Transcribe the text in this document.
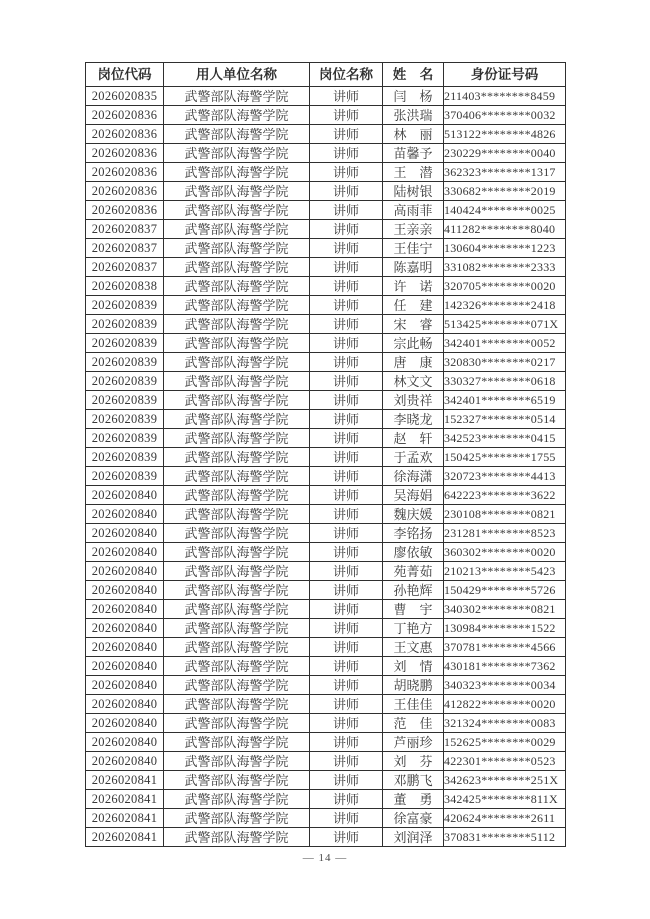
岗位代码	用人单位名称	岗位名称	姓　名	身份证号码
2026020835	武警部队海警学院	讲师	闫　杨	211403********8459
2026020836	武警部队海警学院	讲师	张洪瑞	370406********0032
2026020836	武警部队海警学院	讲师	林　丽	513122********4826
2026020836	武警部队海警学院	讲师	苗馨予	230229********0040
2026020836	武警部队海警学院	讲师	王　潜	362323********1317
2026020836	武警部队海警学院	讲师	陆树银	330682********2019
2026020836	武警部队海警学院	讲师	高雨菲	140424********0025
2026020837	武警部队海警学院	讲师	王亲亲	411282********8040
2026020837	武警部队海警学院	讲师	王佳宁	130604********1223
2026020837	武警部队海警学院	讲师	陈嘉明	331082********2333
2026020838	武警部队海警学院	讲师	许　诺	320705********0020
2026020839	武警部队海警学院	讲师	任　建	142326********2418
2026020839	武警部队海警学院	讲师	宋　睿	513425********071X
2026020839	武警部队海警学院	讲师	宗此畅	342401********0052
2026020839	武警部队海警学院	讲师	唐　康	320830********0217
2026020839	武警部队海警学院	讲师	林文文	330327********0618
2026020839	武警部队海警学院	讲师	刘贵祥	342401********6519
2026020839	武警部队海警学院	讲师	李晓龙	152327********0514
2026020839	武警部队海警学院	讲师	赵　轩	342523********0415
2026020839	武警部队海警学院	讲师	于孟欢	150425********1755
2026020839	武警部队海警学院	讲师	徐海潇	320723********4413
2026020840	武警部队海警学院	讲师	吴海娟	642223********3622
2026020840	武警部队海警学院	讲师	魏庆媛	230108********0821
2026020840	武警部队海警学院	讲师	李铭扬	231281********8523
2026020840	武警部队海警学院	讲师	廖依敏	360302********0020
2026020840	武警部队海警学院	讲师	苑菁茹	210213********5423
2026020840	武警部队海警学院	讲师	孙艳辉	150429********5726
2026020840	武警部队海警学院	讲师	曹　宇	340302********0821
2026020840	武警部队海警学院	讲师	丁艳方	130984********1522
2026020840	武警部队海警学院	讲师	王文惠	370781********4566
2026020840	武警部队海警学院	讲师	刘　情	430181********7362
2026020840	武警部队海警学院	讲师	胡晓鹏	340323********0034
2026020840	武警部队海警学院	讲师	王佳佳	412822********0020
2026020840	武警部队海警学院	讲师	范　佳	321324********0083
2026020840	武警部队海警学院	讲师	芦丽珍	152625********0029
2026020840	武警部队海警学院	讲师	刘　芬	422301********0523
2026020841	武警部队海警学院	讲师	邓鹏飞	342623********251X
2026020841	武警部队海警学院	讲师	董　勇	342425********811X
2026020841	武警部队海警学院	讲师	徐富豪	420624********2611
2026020841	武警部队海警学院	讲师	刘润泽	370831********5112
— 14 —
